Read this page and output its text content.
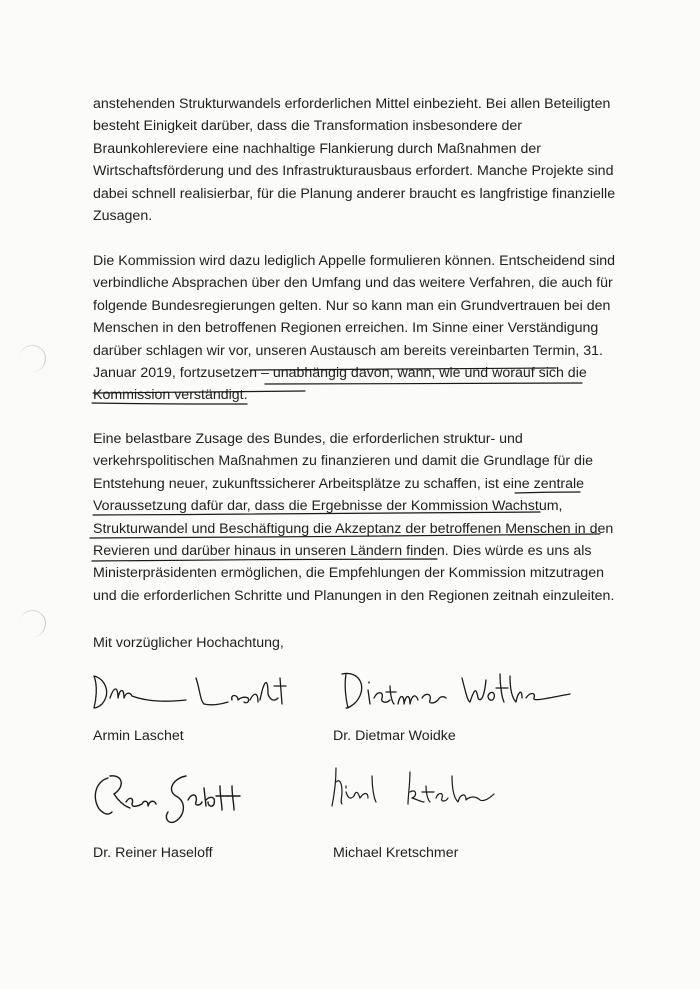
anstehenden Strukturwandels erforderlichen Mittel einbezieht. Bei allen Beteiligten
besteht Einigkeit darüber, dass die Transformation insbesondere der
Braunkohlereviere eine nachhaltige Flankierung durch Maßnahmen der
Wirtschaftsförderung und des Infrastrukturausbaus erfordert. Manche Projekte sind
dabei schnell realisierbar, für die Planung anderer braucht es langfristige finanzielle
Zusagen.

Die Kommission wird dazu lediglich Appelle formulieren können. Entscheidend sind
verbindliche Absprachen über den Umfang und das weitere Verfahren, die auch für
folgende Bundesregierungen gelten. Nur so kann man ein Grundvertrauen bei den
Menschen in den betroffenen Regionen erreichen. Im Sinne einer Verständigung
darüber schlagen wir vor, unseren Austausch am bereits vereinbarten Termin, 31.
Januar 2019, fortzusetzen – unabhängig davon, wann, wie und worauf sich die
Kommission verständigt.

Eine belastbare Zusage des Bundes, die erforderlichen struktur- und
verkehrspolitischen Maßnahmen zu finanzieren und damit die Grundlage für die
Entstehung neuer, zukunftssicherer Arbeitsplätze zu schaffen, ist eine zentrale
Voraussetzung dafür dar, dass die Ergebnisse der Kommission Wachstum,
Strukturwandel und Beschäftigung die Akzeptanz der betroffenen Menschen in den
Revieren und darüber hinaus in unseren Ländern finden. Dies würde es uns als
Ministerpräsidenten ermöglichen, die Empfehlungen der Kommission mitzutragen
und die erforderlichen Schritte und Planungen in den Regionen zeitnah einzuleiten.

Mit vorzüglicher Hochachtung,

Armin Laschet	Dr. Dietmar Woidke
Dr. Reiner Haseloff	Michael Kretschmer
